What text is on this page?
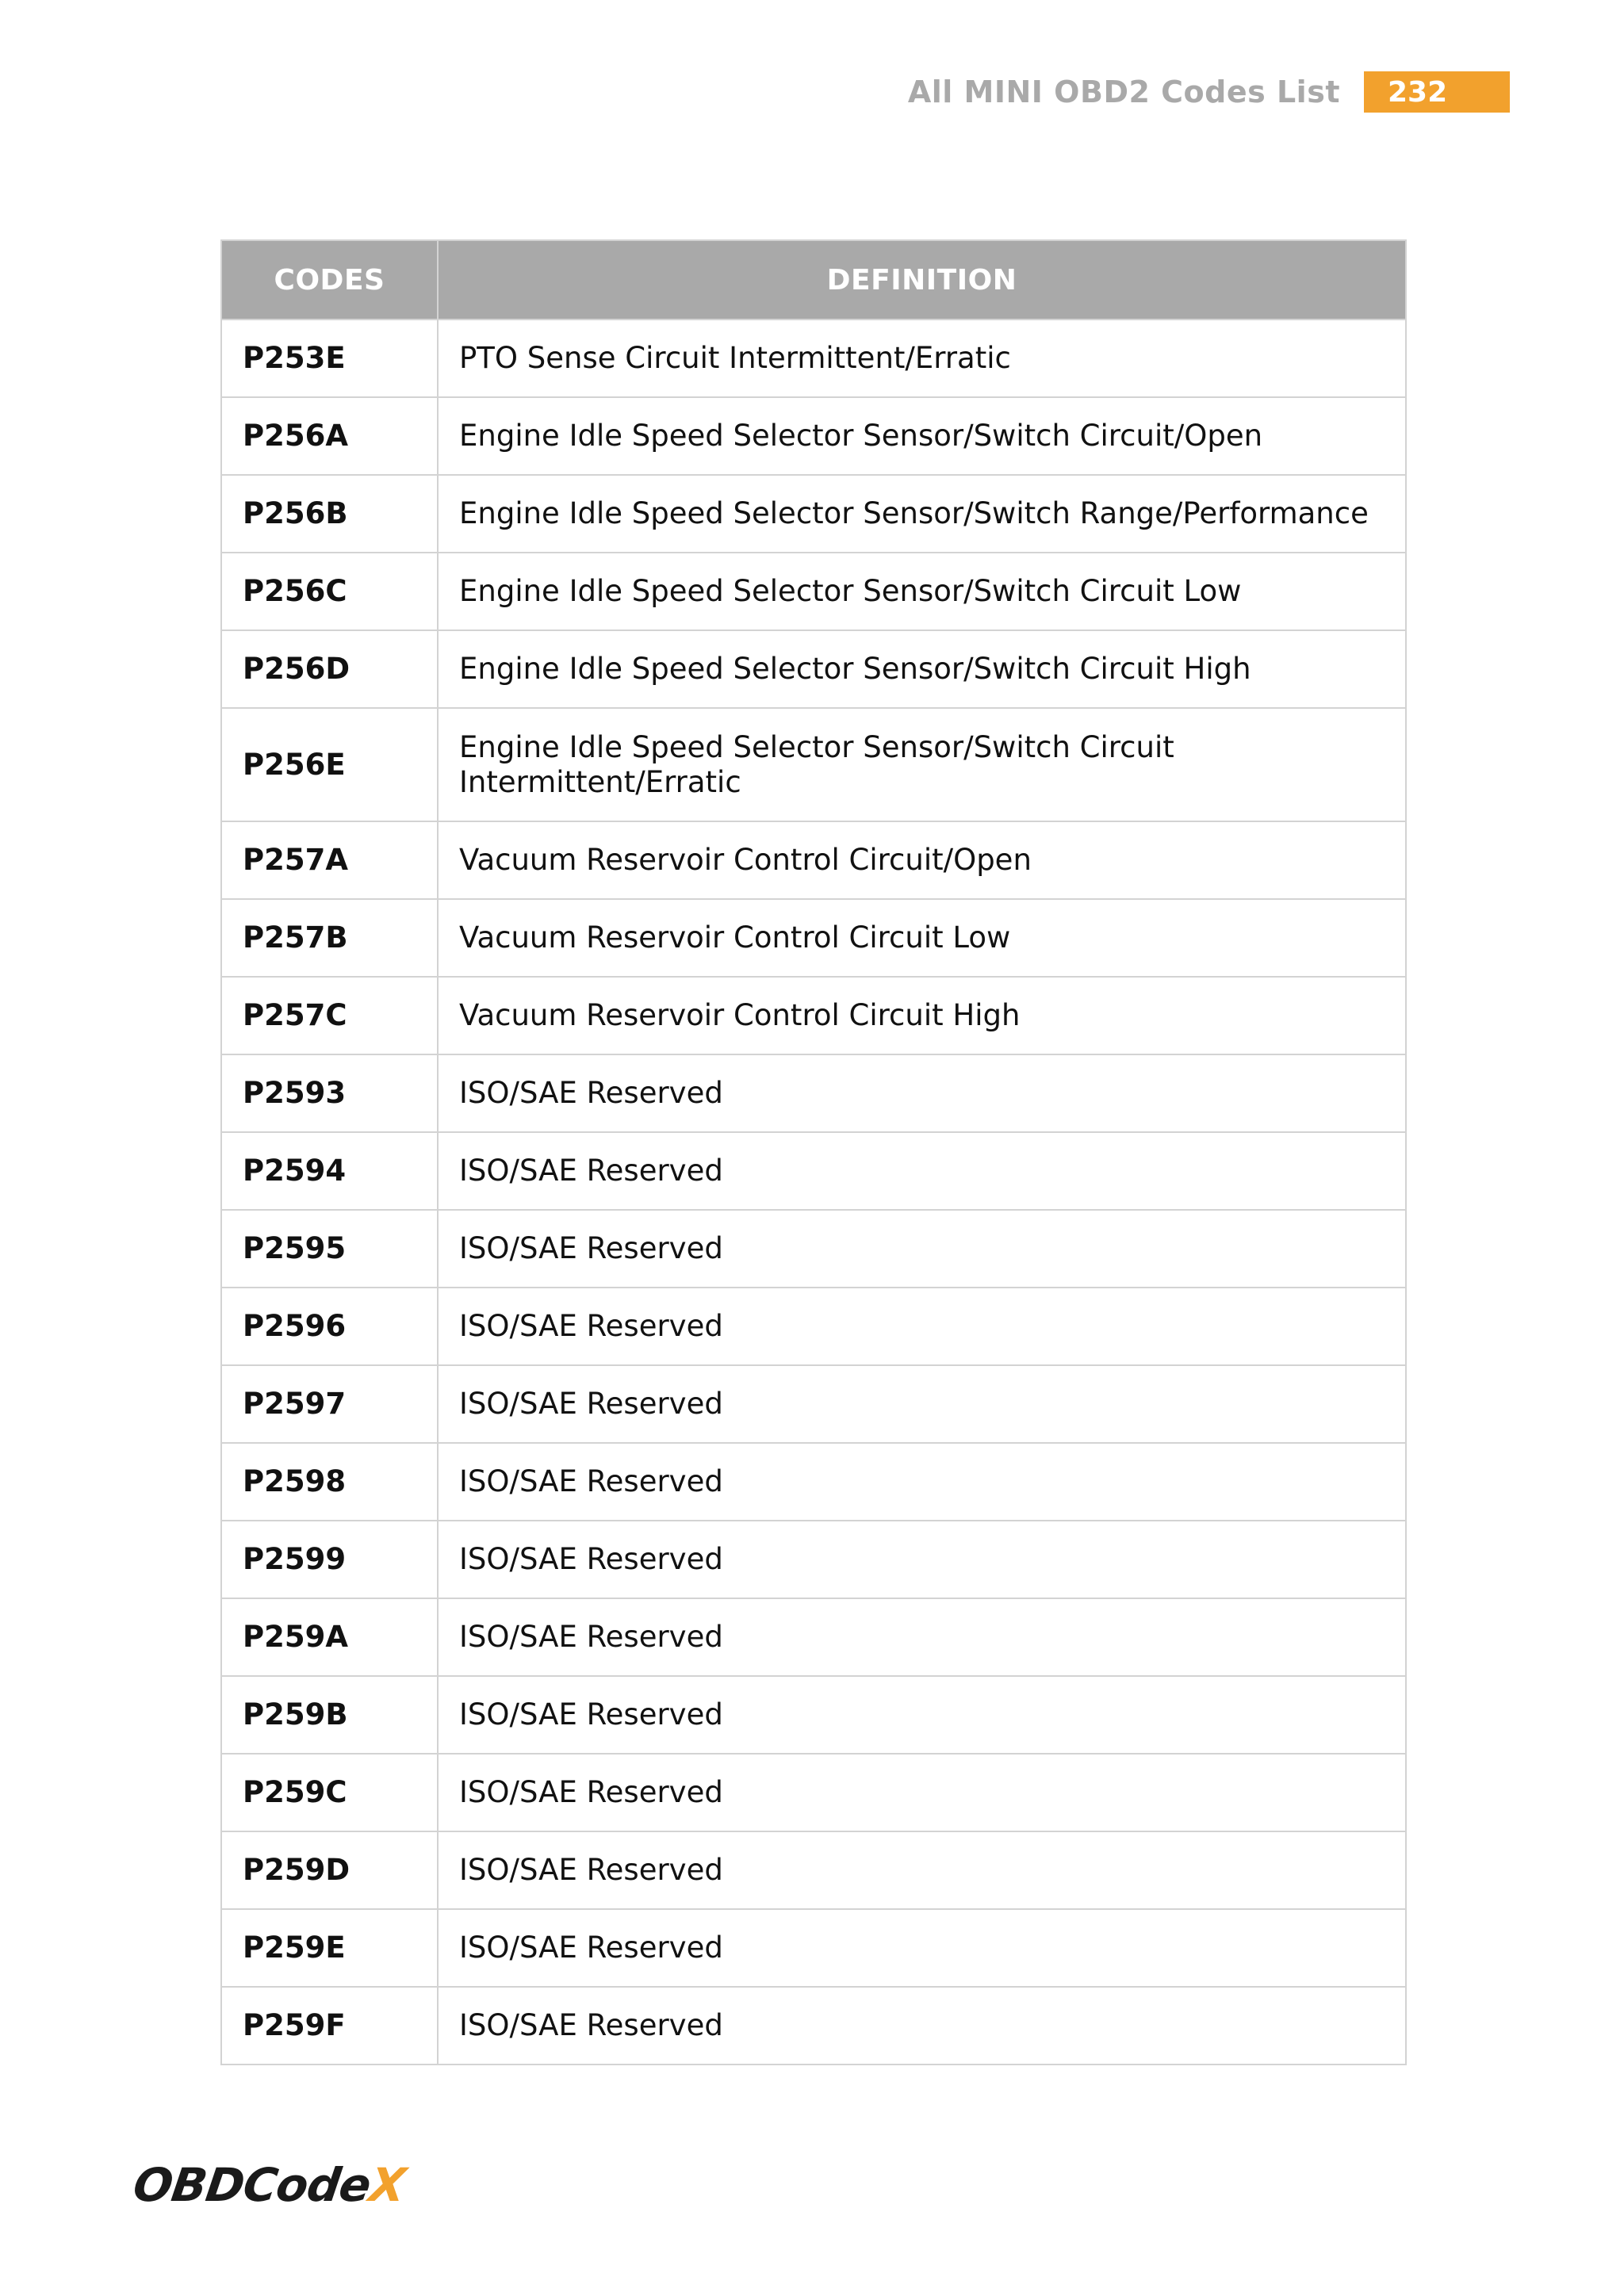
All MINI OBD2 Codes List	232
CODES	DEFINITION
P253E	PTO Sense Circuit Intermittent/Erratic
P256A	Engine Idle Speed Selector Sensor/Switch Circuit/Open
P256B	Engine Idle Speed Selector Sensor/Switch Range/Performance
P256C	Engine Idle Speed Selector Sensor/Switch Circuit Low
P256D	Engine Idle Speed Selector Sensor/Switch Circuit High
P256E	Engine Idle Speed Selector Sensor/Switch Circuit Intermittent/Erratic
P257A	Vacuum Reservoir Control Circuit/Open
P257B	Vacuum Reservoir Control Circuit Low
P257C	Vacuum Reservoir Control Circuit High
P2593	ISO/SAE Reserved
P2594	ISO/SAE Reserved
P2595	ISO/SAE Reserved
P2596	ISO/SAE Reserved
P2597	ISO/SAE Reserved
P2598	ISO/SAE Reserved
P2599	ISO/SAE Reserved
P259A	ISO/SAE Reserved
P259B	ISO/SAE Reserved
P259C	ISO/SAE Reserved
P259D	ISO/SAE Reserved
P259E	ISO/SAE Reserved
P259F	ISO/SAE Reserved
OBDCodeX
